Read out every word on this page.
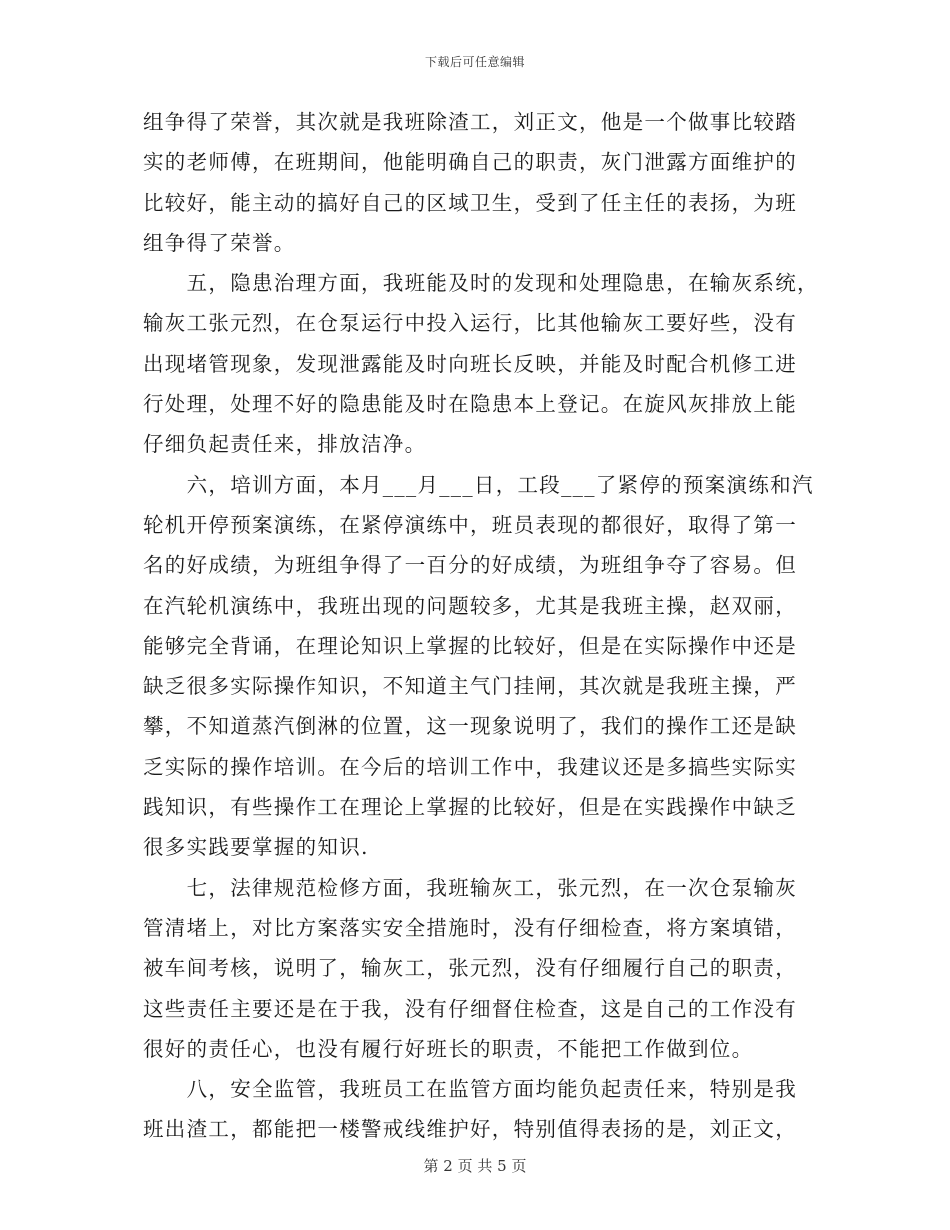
下载后可任意编辑
组争得了荣誉，其次就是我班除渣工，刘正文，他是一个做事比较踏
实的老师傅，在班期间，他能明确自己的职责，灰门泄露方面维护的
比较好，能主动的搞好自己的区域卫生，受到了任主任的表扬，为班
组争得了荣誉。
　　五，隐患治理方面，我班能及时的发现和处理隐患，在输灰系统，
输灰工张元烈，在仓泵运行中投入运行，比其他输灰工要好些，没有
出现堵管现象，发现泄露能及时向班长反映，并能及时配合机修工进
行处理，处理不好的隐患能及时在隐患本上登记。在旋风灰排放上能
仔细负起责任来，排放洁净。
　　六，培训方面，本月___月___日，工段___了紧停的预案演练和汽
轮机开停预案演练，在紧停演练中，班员表现的都很好，取得了第一
名的好成绩，为班组争得了一百分的好成绩，为班组争夺了容易。但
在汽轮机演练中，我班出现的问题较多，尤其是我班主操，赵双丽，
能够完全背诵，在理论知识上掌握的比较好，但是在实际操作中还是
缺乏很多实际操作知识，不知道主气门挂闸，其次就是我班主操，严
攀，不知道蒸汽倒淋的位置，这一现象说明了，我们的操作工还是缺
乏实际的操作培训。在今后的培训工作中，我建议还是多搞些实际实
践知识，有些操作工在理论上掌握的比较好，但是在实践操作中缺乏
很多实践要掌握的知识.
　　七，法律规范检修方面，我班输灰工，张元烈，在一次仓泵输灰
管清堵上，对比方案落实安全措施时，没有仔细检查，将方案填错，
被车间考核，说明了，输灰工，张元烈，没有仔细履行自己的职责，
这些责任主要还是在于我，没有仔细督住检查，这是自己的工作没有
很好的责任心，也没有履行好班长的职责，不能把工作做到位。
　　八，安全监管，我班员工在监管方面均能负起责任来，特别是我
班出渣工，都能把一楼警戒线维护好，特别值得表扬的是，刘正文，
第 2 页 共 5 页
